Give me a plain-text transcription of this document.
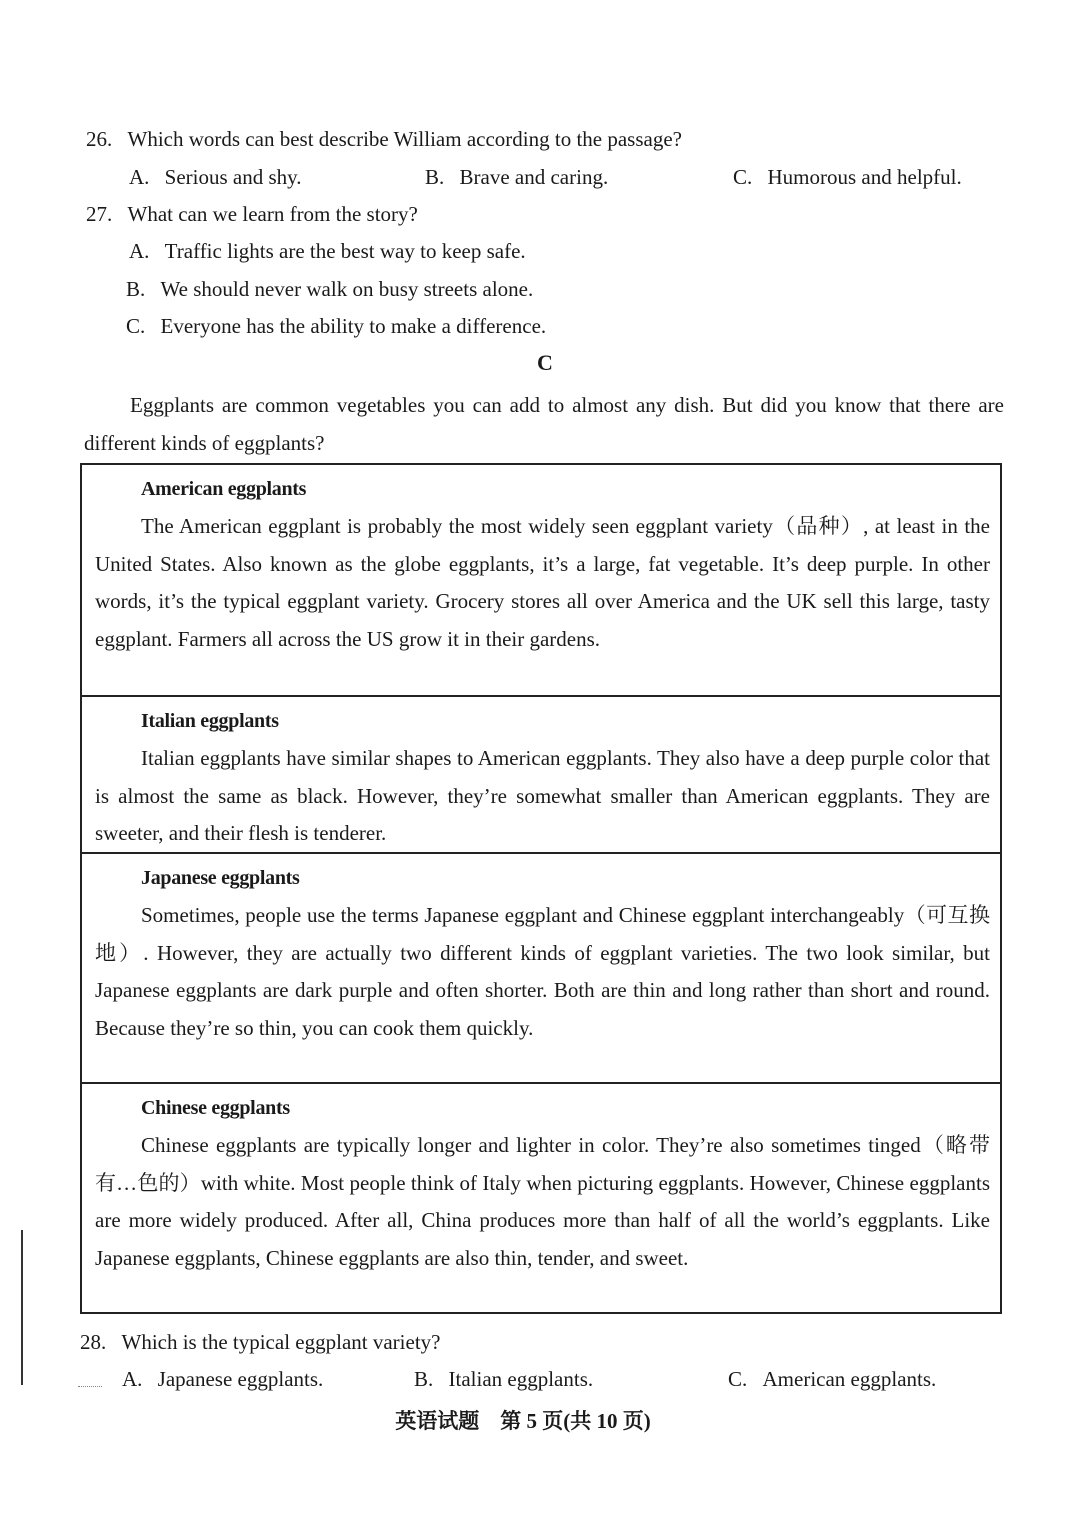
26. Which words can best describe William according to the passage?
A. Serious and shy.	B. Brave and caring.	C. Humorous and helpful.
27. What can we learn from the story?
A. Traffic lights are the best way to keep safe.
B. We should never walk on busy streets alone.
C. Everyone has the ability to make a difference.
C
Eggplants are common vegetables you can add to almost any dish. But did you know that there are different kinds of eggplants?
American eggplants

The American eggplant is probably the most widely seen eggplant variety（品种）, at least in the United States. Also known as the globe eggplants, it’s a large, fat vegetable. It’s deep purple. In other words, it’s the typical eggplant variety. Grocery stores all over America and the UK sell this large, tasty eggplant. Farmers all across the US grow it in their gardens.

Italian eggplants

Italian eggplants have similar shapes to American eggplants. They also have a deep purple color that is almost the same as black. However, they’re somewhat smaller than American eggplants. They are sweeter, and their flesh is tenderer.

Japanese eggplants

Sometimes, people use the terms Japanese eggplant and Chinese eggplant interchangeably（可互换地）. However, they are actually two different kinds of eggplant varieties. The two look similar, but Japanese eggplants are dark purple and often shorter. Both are thin and long rather than short and round. Because they’re so thin, you can cook them quickly.

Chinese eggplants

Chinese eggplants are typically longer and lighter in color. They’re also sometimes tinged（略带有…色的）with white. Most people think of Italy when picturing eggplants. However, Chinese eggplants are more widely produced. After all, China produces more than half of all the world’s eggplants. Like Japanese eggplants, Chinese eggplants are also thin, tender, and sweet.

28. Which is the typical eggplant variety?
A. Japanese eggplants.	B. Italian eggplants.	C. American eggplants.
英语试题　第 5 页(共 10 页)
